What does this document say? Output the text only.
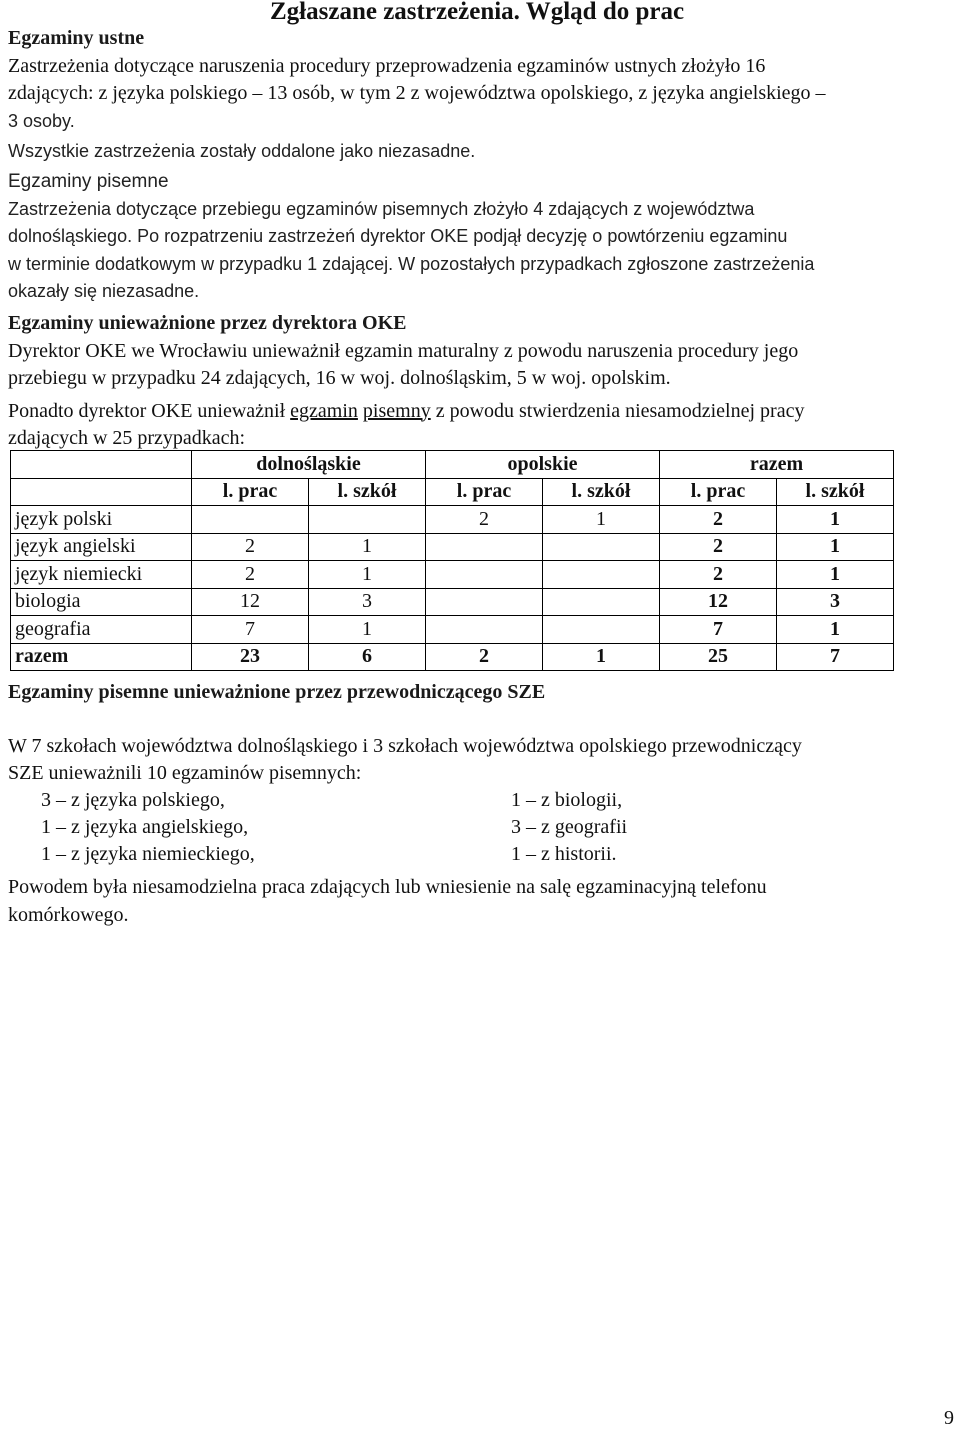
Zgłaszane zastrzeżenia. Wgląd do prac
Egzaminy ustne
Zastrzeżenia dotyczące naruszenia procedury przeprowadzenia egzaminów ustnych złożyło 16
zdających: z języka polskiego – 13 osób, w tym 2 z województwa opolskiego, z języka angielskiego –
3 osoby.
Wszystkie zastrzeżenia zostały oddalone jako niezasadne.
Egzaminy pisemne
Zastrzeżenia dotyczące przebiegu egzaminów pisemnych złożyło 4 zdających z województwa
dolnośląskiego. Po rozpatrzeniu zastrzeżeń dyrektor OKE podjął decyzję o powtórzeniu egzaminu
w terminie dodatkowym w przypadku 1 zdającej. W pozostałych przypadkach zgłoszone zastrzeżenia
okazały się niezasadne.
Egzaminy unieważnione przez dyrektora OKE
Dyrektor OKE we Wrocławiu unieważnił egzamin maturalny z powodu naruszenia procedury jego
przebiegu w przypadku 24 zdających, 16 w woj. dolnośląskim, 5 w woj. opolskim.
Ponadto dyrektor OKE unieważnił egzamin pisemny z powodu stwierdzenia niesamodzielnej pracy
zdających w 25 przypadkach:
	dolnośląskie		opolskie		razem	
	l. prac	l. szkół	l. prac	l. szkół	l. prac	l. szkół
język polski			2	1	2	1
język angielski	2	1			2	1
język niemiecki	2	1			2	1
biologia	12	3			12	3
geografia	7	1			7	1
razem	23	6	2	1	25	7
Egzaminy pisemne unieważnione przez przewodniczącego SZE
W 7 szkołach województwa dolnośląskiego i 3 szkołach województwa opolskiego przewodniczący
SZE unieważnili 10 egzaminów pisemnych:
3 – z języka polskiego,	1 – z biologii,
1 – z języka angielskiego,	3 – z geografii
1 – z języka niemieckiego,	1 – z historii.
Powodem była niesamodzielna praca zdających lub wniesienie na salę egzaminacyjną telefonu
komórkowego.
9
